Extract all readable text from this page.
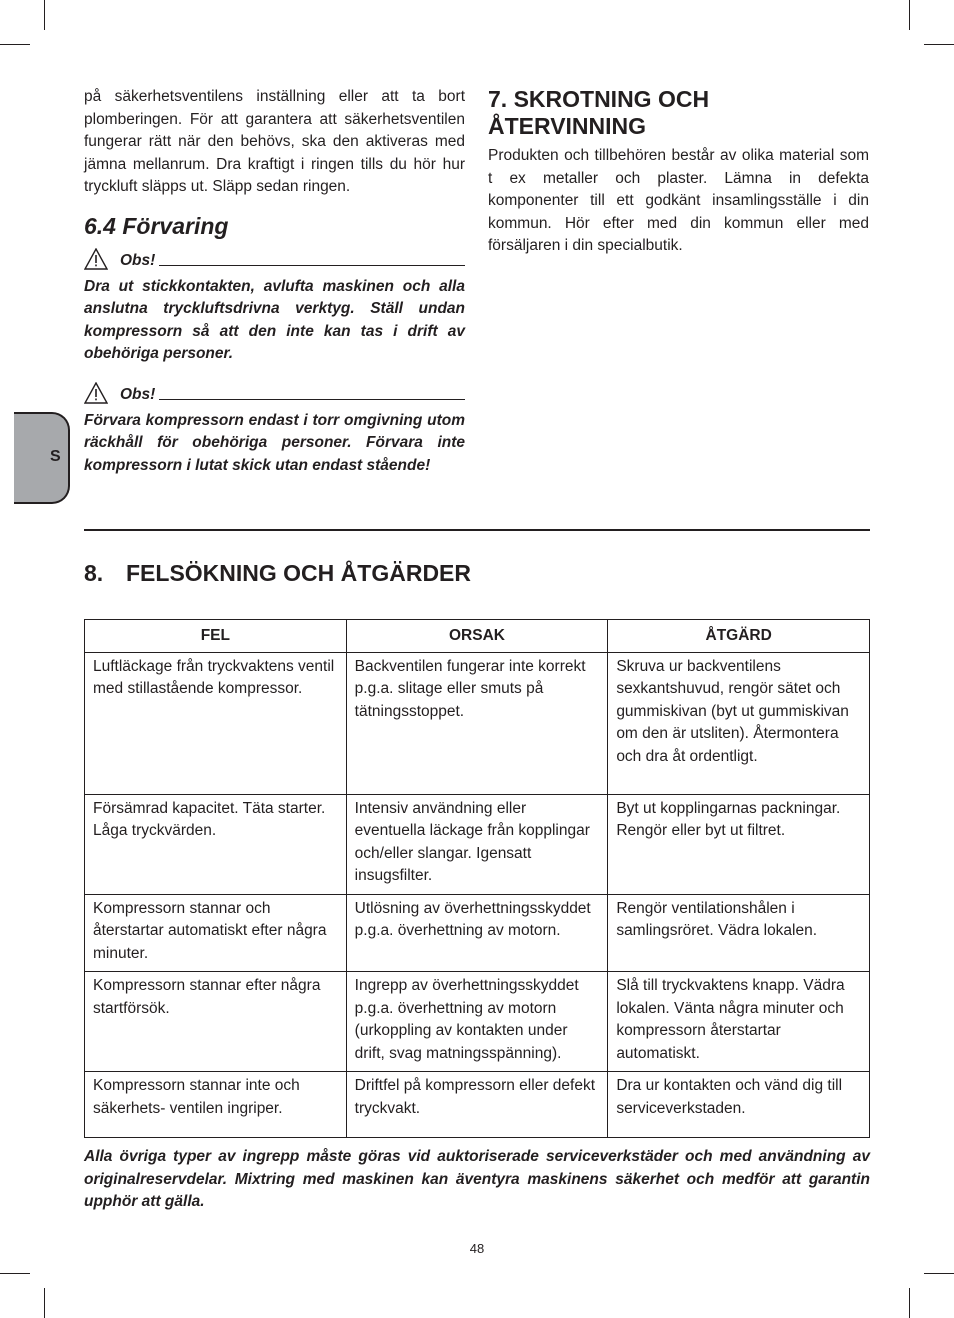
S

på säkerhetsventilens inställning eller att ta bort plomberingen. För att garantera att säkerhetsventilen fungerar rätt när den behövs, ska den aktiveras med jämna mellanrum. Dra kraftigt i ringen tills du hör hur tryckluft släpps ut. Släpp sedan ringen.

6.4 Förvaring
Obs!

Dra ut stickkontakten, avlufta maskinen och alla anslutna tryckluftsdrivna verktyg. Ställ undan kompressorn så att den inte kan tas i drift av obehöriga personer.

Obs!

Förvara kompressorn endast i torr omgivning utom räckhåll för obehöriga personer. Förvara inte kompressorn i lutat skick utan endast stående!

7. SKROTNING OCH ÅTERVINNING

Produkten och tillbehören består av olika material som t ex metaller och plaster. Lämna in defekta komponenter till ett godkänt insamlingsställe i din kommun. Hör efter med din kommun eller med försäljaren i din specialbutik.

8. FELSÖKNING OCH ÅTGÄRDER
FEL	ORSAK	ÅTGÄRD
Luftläckage från tryckvaktens ventil med stillastående kompressor.	Backventilen fungerar inte korrekt p.g.a. slitage eller smuts på tätningsstoppet.	Skruva ur backventilens sexkantshuvud, rengör sätet och gummiskivan (byt ut gummiskivan om den är utsliten). Återmontera och dra åt ordentligt.
Försämrad kapacitet. Täta starter. Låga tryckvärden.	Intensiv användning eller eventuella läckage från kopplingar och/eller slangar. Igensatt insugsfilter.	Byt ut kopplingarnas packningar. Rengör eller byt ut filtret.
Kompressorn stannar och återstartar automatiskt efter några minuter.	Utlösning av överhettningsskyddet p.g.a. överhettning av motorn.	Rengör ventilationshålen i samlingsröret. Vädra lokalen.
Kompressorn stannar efter några startförsök.	Ingrepp av överhettningsskyddet p.g.a. överhettning av motorn (urkoppling av kontakten under drift, svag matningsspänning).	Slå till tryckvaktens knapp. Vädra lokalen. Vänta några minuter och kompressorn återstartar automatiskt.
Kompressorn stannar inte och säkerhets- ventilen ingriper.	Driftfel på kompressorn eller defekt tryckvakt.	Dra ur kontakten och vänd dig till serviceverkstaden.

Alla övriga typer av ingrepp måste göras vid auktoriserade serviceverkstäder och med användning av originalreservdelar. Mixtring med maskinen kan äventyra maskinens säkerhet och medför att garantin upphör att gälla.

48
